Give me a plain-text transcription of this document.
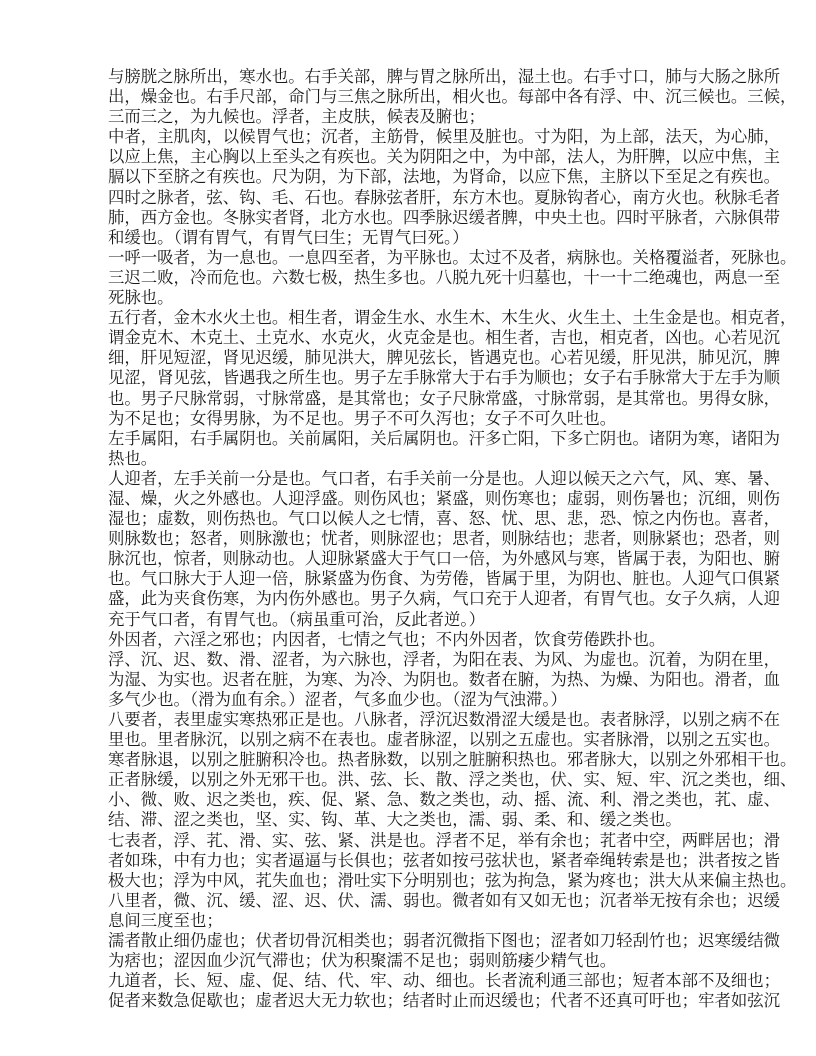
与膀胱之脉所出，寒水也。右手关部，脾与胃之脉所出，湿土也。右手寸口，肺与大肠之脉所
出，燥金也。右手尺部，命门与三焦之脉所出，相火也。每部中各有浮、中、沉三候也。三候，
三而三之，为九候也。浮者，主皮肤，候表及腑也；
中者，主肌肉，以候胃气也；沉者，主筋骨，候里及脏也。寸为阳，为上部，法天，为心肺，
以应上焦，主心胸以上至头之有疾也。关为阴阳之中，为中部，法人，为肝脾，以应中焦，主
膈以下至脐之有疾也。尺为阴，为下部，法地，为肾命，以应下焦，主脐以下至足之有疾也。
四时之脉者，弦、钩、毛、石也。春脉弦者肝，东方木也。夏脉钩者心，南方火也。秋脉毛者
肺，西方金也。冬脉实者肾，北方水也。四季脉迟缓者脾，中央土也。四时平脉者，六脉俱带
和缓也。（谓有胃气，有胃气曰生；无胃气曰死。）
一呼一吸者，为一息也。一息四至者，为平脉也。太过不及者，病脉也。关格覆溢者，死脉也。
三迟二败，冷而危也。六数七极，热生多也。八脱九死十归墓也，十一十二绝魂也，两息一至
死脉也。
五行者，金木水火土也。相生者，谓金生水、水生木、木生火、火生土、土生金是也。相克者，
谓金克木、木克土、土克水、水克火，火克金是也。相生者，吉也，相克者，凶也。心若见沉
细，肝见短涩，肾见迟缓，肺见洪大，脾见弦长，皆遇克也。心若见缓，肝见洪，肺见沉，脾
见涩，肾见弦，皆遇我之所生也。男子左手脉常大于右手为顺也；女子右手脉常大于左手为顺
也。男子尺脉常弱，寸脉常盛，是其常也；女子尺脉常盛，寸脉常弱，是其常也。男得女脉，
为不足也；女得男脉，为不足也。男子不可久泻也；女子不可久吐也。
左手属阳，右手属阴也。关前属阳，关后属阴也。汗多亡阳，下多亡阴也。诸阴为寒，诸阳为
热也。
人迎者，左手关前一分是也。气口者，右手关前一分是也。人迎以候天之六气，风、寒、暑、
湿、燥，火之外感也。人迎浮盛。则伤风也；紧盛，则伤寒也；虚弱，则伤暑也；沉细，则伤
湿也；虚数，则伤热也。气口以候人之七情，喜、怒、忧、思、悲，恐、惊之内伤也。喜者，
则脉数也；怒者，则脉激也；忧者，则脉涩也；思者，则脉结也；悲者，则脉紧也；恐者，则
脉沉也，惊者，则脉动也。人迎脉紧盛大于气口一倍，为外感风与寒，皆属于表，为阳也、腑
也。气口脉大于人迎一倍，脉紧盛为伤食、为劳倦，皆属于里，为阴也、脏也。人迎气口俱紧
盛，此为夹食伤寒，为内伤外感也。男子久病，气口充于人迎者，有胃气也。女子久病，人迎
充于气口者，有胃气也。（病虽重可治，反此者逆。）
外因者，六淫之邪也；内因者，七情之气也；不内外因者，饮食劳倦跌扑也。
浮、沉、迟、数、滑、涩者，为六脉也，浮者，为阳在表、为风、为虚也。沉着，为阴在里，
为湿、为实也。迟者在脏，为寒、为冷、为阴也。数者在腑，为热、为燥、为阳也。滑者，血
多气少也。（滑为血有余。）涩者，气多血少也。（涩为气浊滞。）
八要者，表里虚实寒热邪正是也。八脉者，浮沉迟数滑涩大缓是也。表者脉浮，以别之病不在
里也。里者脉沉，以别之病不在表也。虚者脉涩，以别之五虚也。实者脉滑，以别之五实也。
寒者脉退，以别之脏腑积冷也。热者脉数，以别之脏腑积热也。邪者脉大，以别之外邪相干也。
正者脉缓，以别之外无邪干也。洪、弦、长、散、浮之类也，伏、实、短、牢、沉之类也，细、
小、微、败、迟之类也，疾、促、紧、急、数之类也，动、摇、流、利、滑之类也，芤、虚、
结、滞、涩之类也，坚、实、钩、革、大之类也，濡、弱、柔、和、缓之类也。
七表者，浮、芤、滑、实、弦、紧、洪是也。浮者不足，举有余也；芤者中空，两畔居也；滑
者如珠，中有力也；实者逼逼与长俱也；弦者如按弓弦状也，紧者牵绳转索是也；洪者按之皆
极大也；浮为中风，芤失血也；滑吐实下分明别也；弦为拘急，紧为疼也；洪大从来偏主热也。
八里者，微、沉、缓、涩、迟、伏、濡、弱也。微者如有又如无也；沉者举无按有余也；迟缓
息间三度至也；
濡者散止细仍虚也；伏者切骨沉相类也；弱者沉微指下图也；涩者如刀轻刮竹也；迟寒缓结微
为痞也；涩因血少沉气滞也；伏为积聚濡不足也；弱则筋痿少精气也。
九道者，长、短、虚、促、结、代、牢、动、细也。长者流利通三部也；短者本部不及细也；
促者来数急促歇也；虚者迟大无力软也；结者时止而迟缓也；代者不还真可吁也；牢者如弦沉
